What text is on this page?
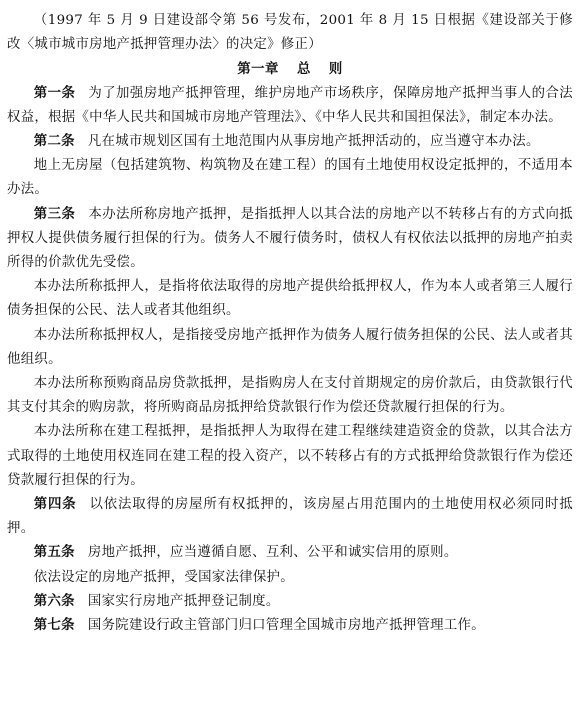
（1997 年 5 月 9 日建设部令第 56 号发布，2001 年 8 月 15 日根据《建设部关于修改〈城市城市房地产抵押管理办法〉的决定》修正）

第一章 总 则

第一条 为了加强房地产抵押管理，维护房地产市场秩序，保障房地产抵押当事人的合法权益，根据《中华人民共和国城市房地产管理法》、《中华人民共和国担保法》，制定本办法。

第二条 凡在城市规划区国有土地范围内从事房地产抵押活动的，应当遵守本办法。

地上无房屋（包括建筑物、构筑物及在建工程）的国有土地使用权设定抵押的，不适用本办法。

第三条 本办法所称房地产抵押，是指抵押人以其合法的房地产以不转移占有的方式向抵押权人提供债务履行担保的行为。债务人不履行债务时，债权人有权依法以抵押的房地产拍卖所得的价款优先受偿。

本办法所称抵押人，是指将依法取得的房地产提供给抵押权人，作为本人或者第三人履行债务担保的公民、法人或者其他组织。

本办法所称抵押权人，是指接受房地产抵押作为债务人履行债务担保的公民、法人或者其他组织。

本办法所称预购商品房贷款抵押，是指购房人在支付首期规定的房价款后，由贷款银行代其支付其余的购房款，将所购商品房抵押给贷款银行作为偿还贷款履行担保的行为。

本办法所称在建工程抵押，是指抵押人为取得在建工程继续建造资金的贷款，以其合法方式取得的土地使用权连同在建工程的投入资产，以不转移占有的方式抵押给贷款银行作为偿还贷款履行担保的行为。

第四条 以依法取得的房屋所有权抵押的，该房屋占用范围内的土地使用权必须同时抵押。

第五条 房地产抵押，应当遵循自愿、互利、公平和诚实信用的原则。

依法设定的房地产抵押，受国家法律保护。

第六条 国家实行房地产抵押登记制度。

第七条 国务院建设行政主管部门归口管理全国城市房地产抵押管理工作。
